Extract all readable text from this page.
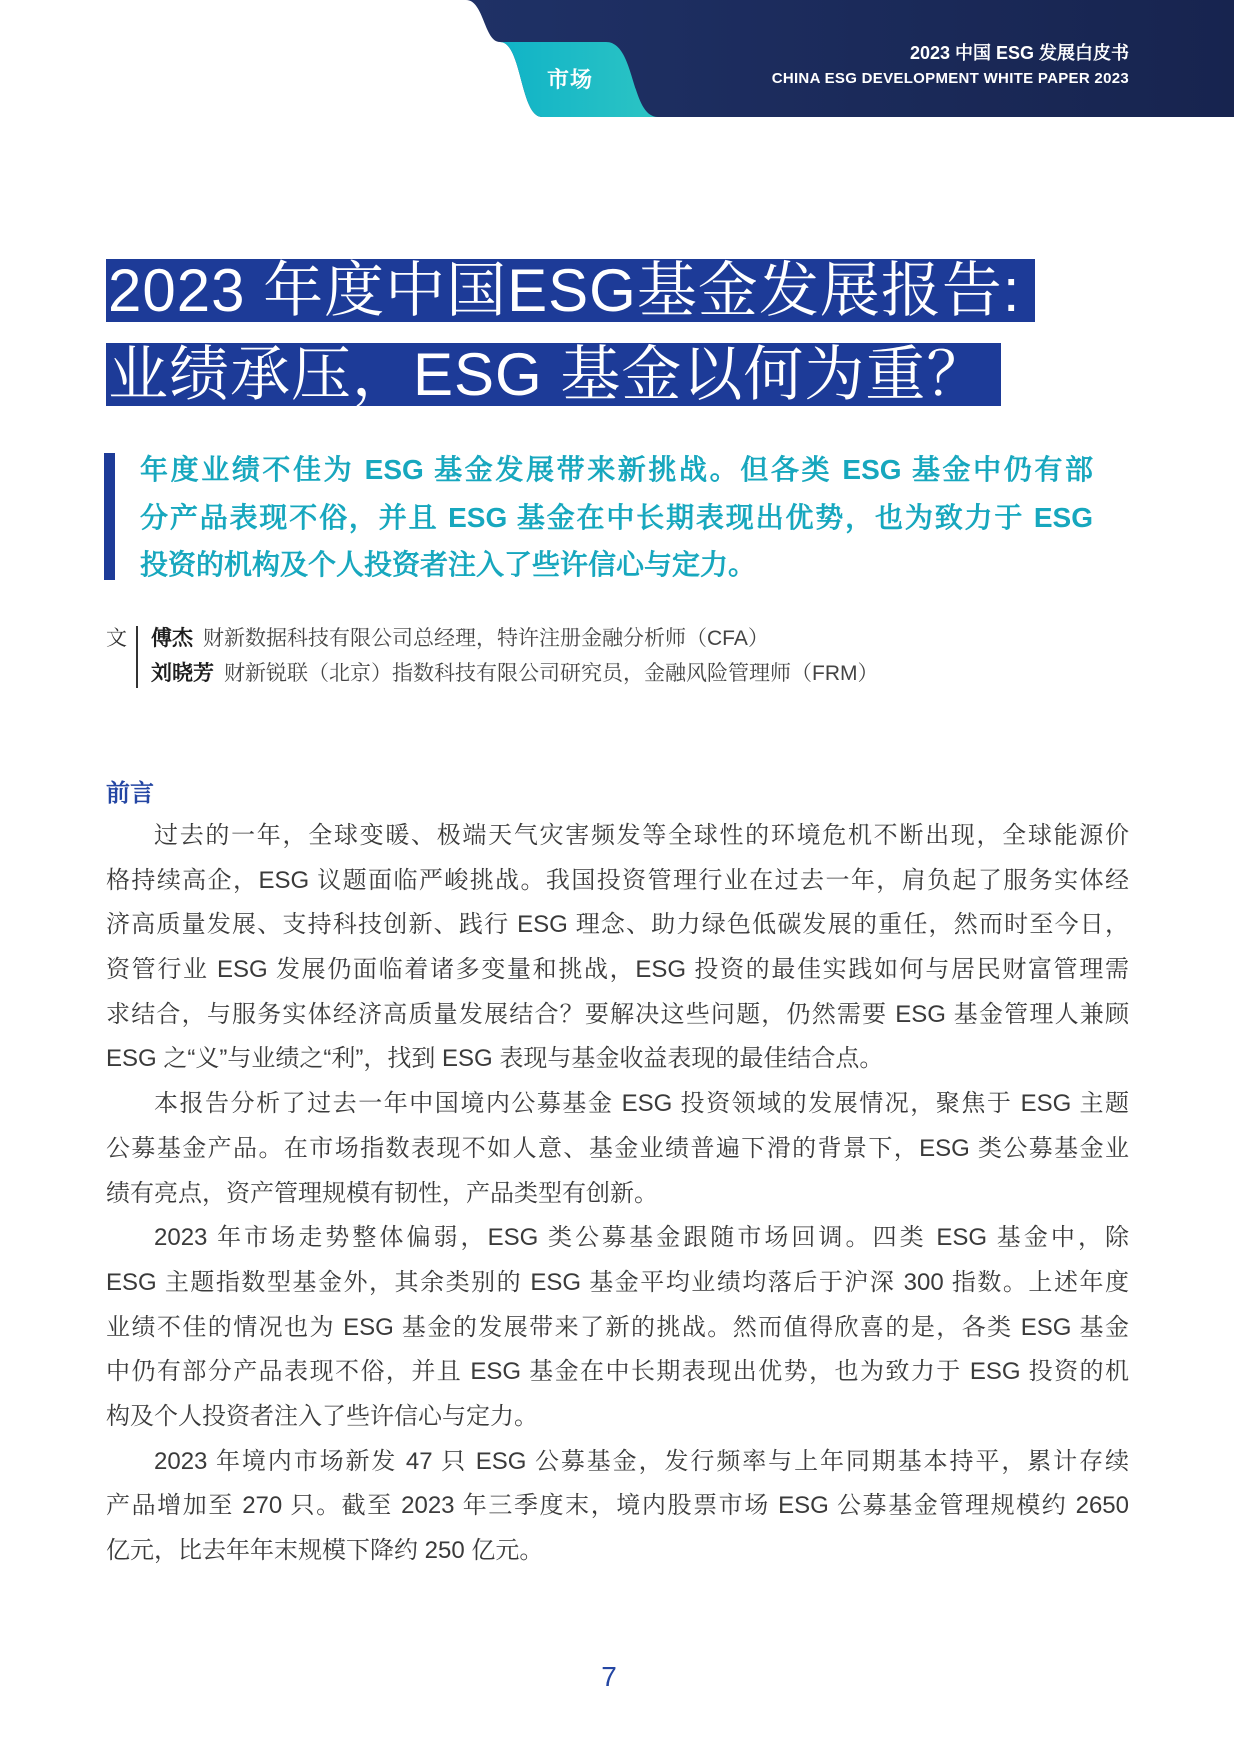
市场
2023 中国 ESG 发展白皮书
CHINA ESG DEVELOPMENT WHITE PAPER 2023
2023 年度中国ESG基金发展报告:
业绩承压，ESG 基金以何为重？
年度业绩不佳为 ESG 基金发展带来新挑战。但各类 ESG 基金中仍有部
分产品表现不俗，并且 ESG 基金在中长期表现出优势，也为致力于 ESG
投资的机构及个人投资者注入了些许信心与定力。
文 傅杰 财新数据科技有限公司总经理，特许注册金融分析师（CFA）
刘晓芳 财新锐联（北京）指数科技有限公司研究员，金融风险管理师（FRM）
前言
过去的一年，全球变暖、极端天气灾害频发等全球性的环境危机不断出现，全球能源价
格持续高企，ESG 议题面临严峻挑战。我国投资管理行业在过去一年，肩负起了服务实体经
济高质量发展、支持科技创新、践行 ESG 理念、助力绿色低碳发展的重任，然而时至今日，
资管行业 ESG 发展仍面临着诸多变量和挑战，ESG 投资的最佳实践如何与居民财富管理需
求结合，与服务实体经济高质量发展结合？要解决这些问题，仍然需要 ESG 基金管理人兼顾
ESG 之“义”与业绩之“利”，找到 ESG 表现与基金收益表现的最佳结合点。
本报告分析了过去一年中国境内公募基金 ESG 投资领域的发展情况，聚焦于 ESG 主题
公募基金产品。在市场指数表现不如人意、基金业绩普遍下滑的背景下，ESG 类公募基金业
绩有亮点，资产管理规模有韧性，产品类型有创新。
2023 年市场走势整体偏弱，ESG 类公募基金跟随市场回调。四类 ESG 基金中，除
ESG 主题指数型基金外，其余类别的 ESG 基金平均业绩均落后于沪深 300 指数。上述年度
业绩不佳的情况也为 ESG 基金的发展带来了新的挑战。然而值得欣喜的是，各类 ESG 基金
中仍有部分产品表现不俗，并且 ESG 基金在中长期表现出优势，也为致力于 ESG 投资的机
构及个人投资者注入了些许信心与定力。
2023 年境内市场新发 47 只 ESG 公募基金，发行频率与上年同期基本持平，累计存续
产品增加至 270 只。截至 2023 年三季度末，境内股票市场 ESG 公募基金管理规模约 2650
亿元，比去年年末规模下降约 250 亿元。
7
